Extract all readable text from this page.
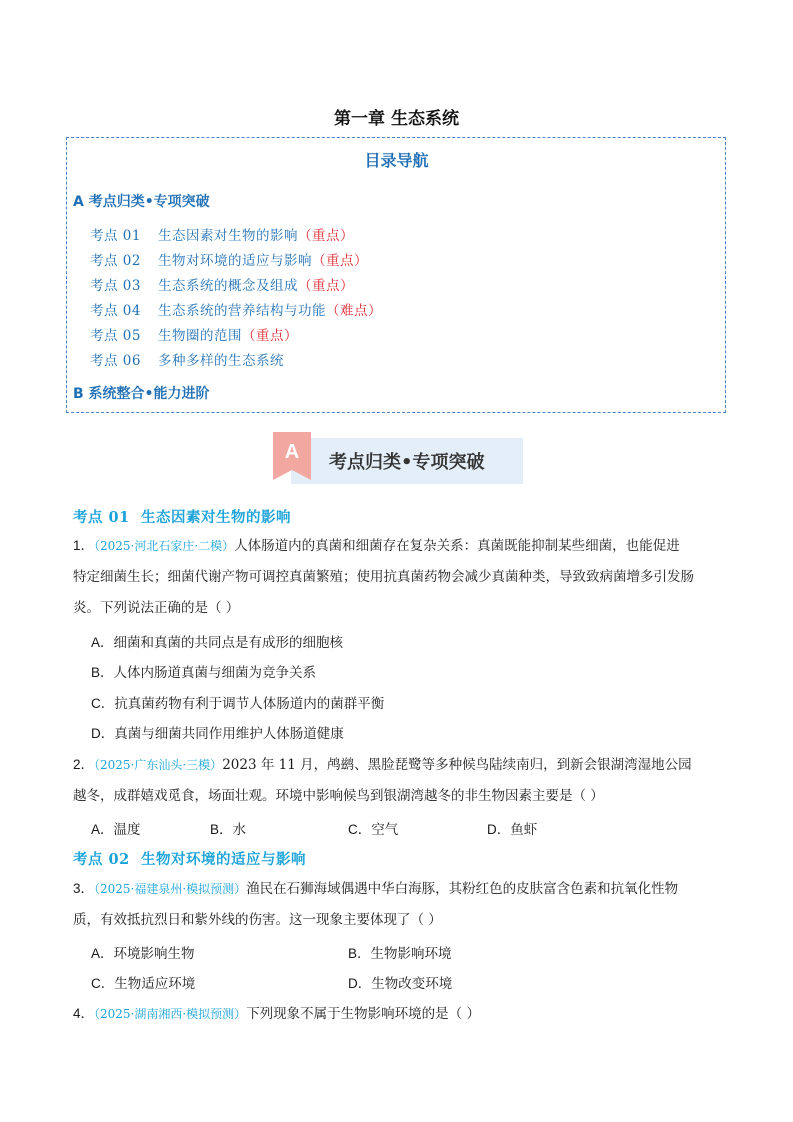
第一章 生态系统
目录导航
A 考点归类•专项突破
考点 01 生态因素对生物的影响（重点）
考点 02 生物对环境的适应与影响（重点）
考点 03 生态系统的概念及组成（重点）
考点 04 生态系统的营养结构与功能（难点）
考点 05 生物圈的范围（重点）
考点 06 多种多样的生态系统
B 系统整合•能力进阶
A 考点归类•专项突破
考点 01 生态因素对生物的影响
1．（2025·河北石家庄·二模）人体肠道内的真菌和细菌存在复杂关系：真菌既能抑制某些细菌，也能促进
特定细菌生长；细菌代谢产物可调控真菌繁殖；使用抗真菌药物会减少真菌种类，导致致病菌增多引发肠
炎。下列说法正确的是（ ）
A．细菌和真菌的共同点是有成形的细胞核
B．人体内肠道真菌与细菌为竞争关系
C．抗真菌药物有利于调节人体肠道内的菌群平衡
D．真菌与细菌共同作用维护人体肠道健康
2．（2025·广东汕头·三模）2023 年 11 月，鸬鹚、黑脸琵鹭等多种候鸟陆续南归，到新会银湖湾湿地公园
越冬，成群嬉戏觅食，场面壮观。环境中影响候鸟到银湖湾越冬的非生物因素主要是（ ）
A．温度	B．水	C．空气	D．鱼虾
考点 02 生物对环境的适应与影响
3．（2025·福建泉州·模拟预测）渔民在石狮海域偶遇中华白海豚，其粉红色的皮肤富含色素和抗氧化性物
质，有效抵抗烈日和紫外线的伤害。这一现象主要体现了（ ）
A．环境影响生物	B．生物影响环境
C．生物适应环境	D．生物改变环境
4．（2025·湖南湘西·模拟预测）下列现象不属于生物影响环境的是（ ）
